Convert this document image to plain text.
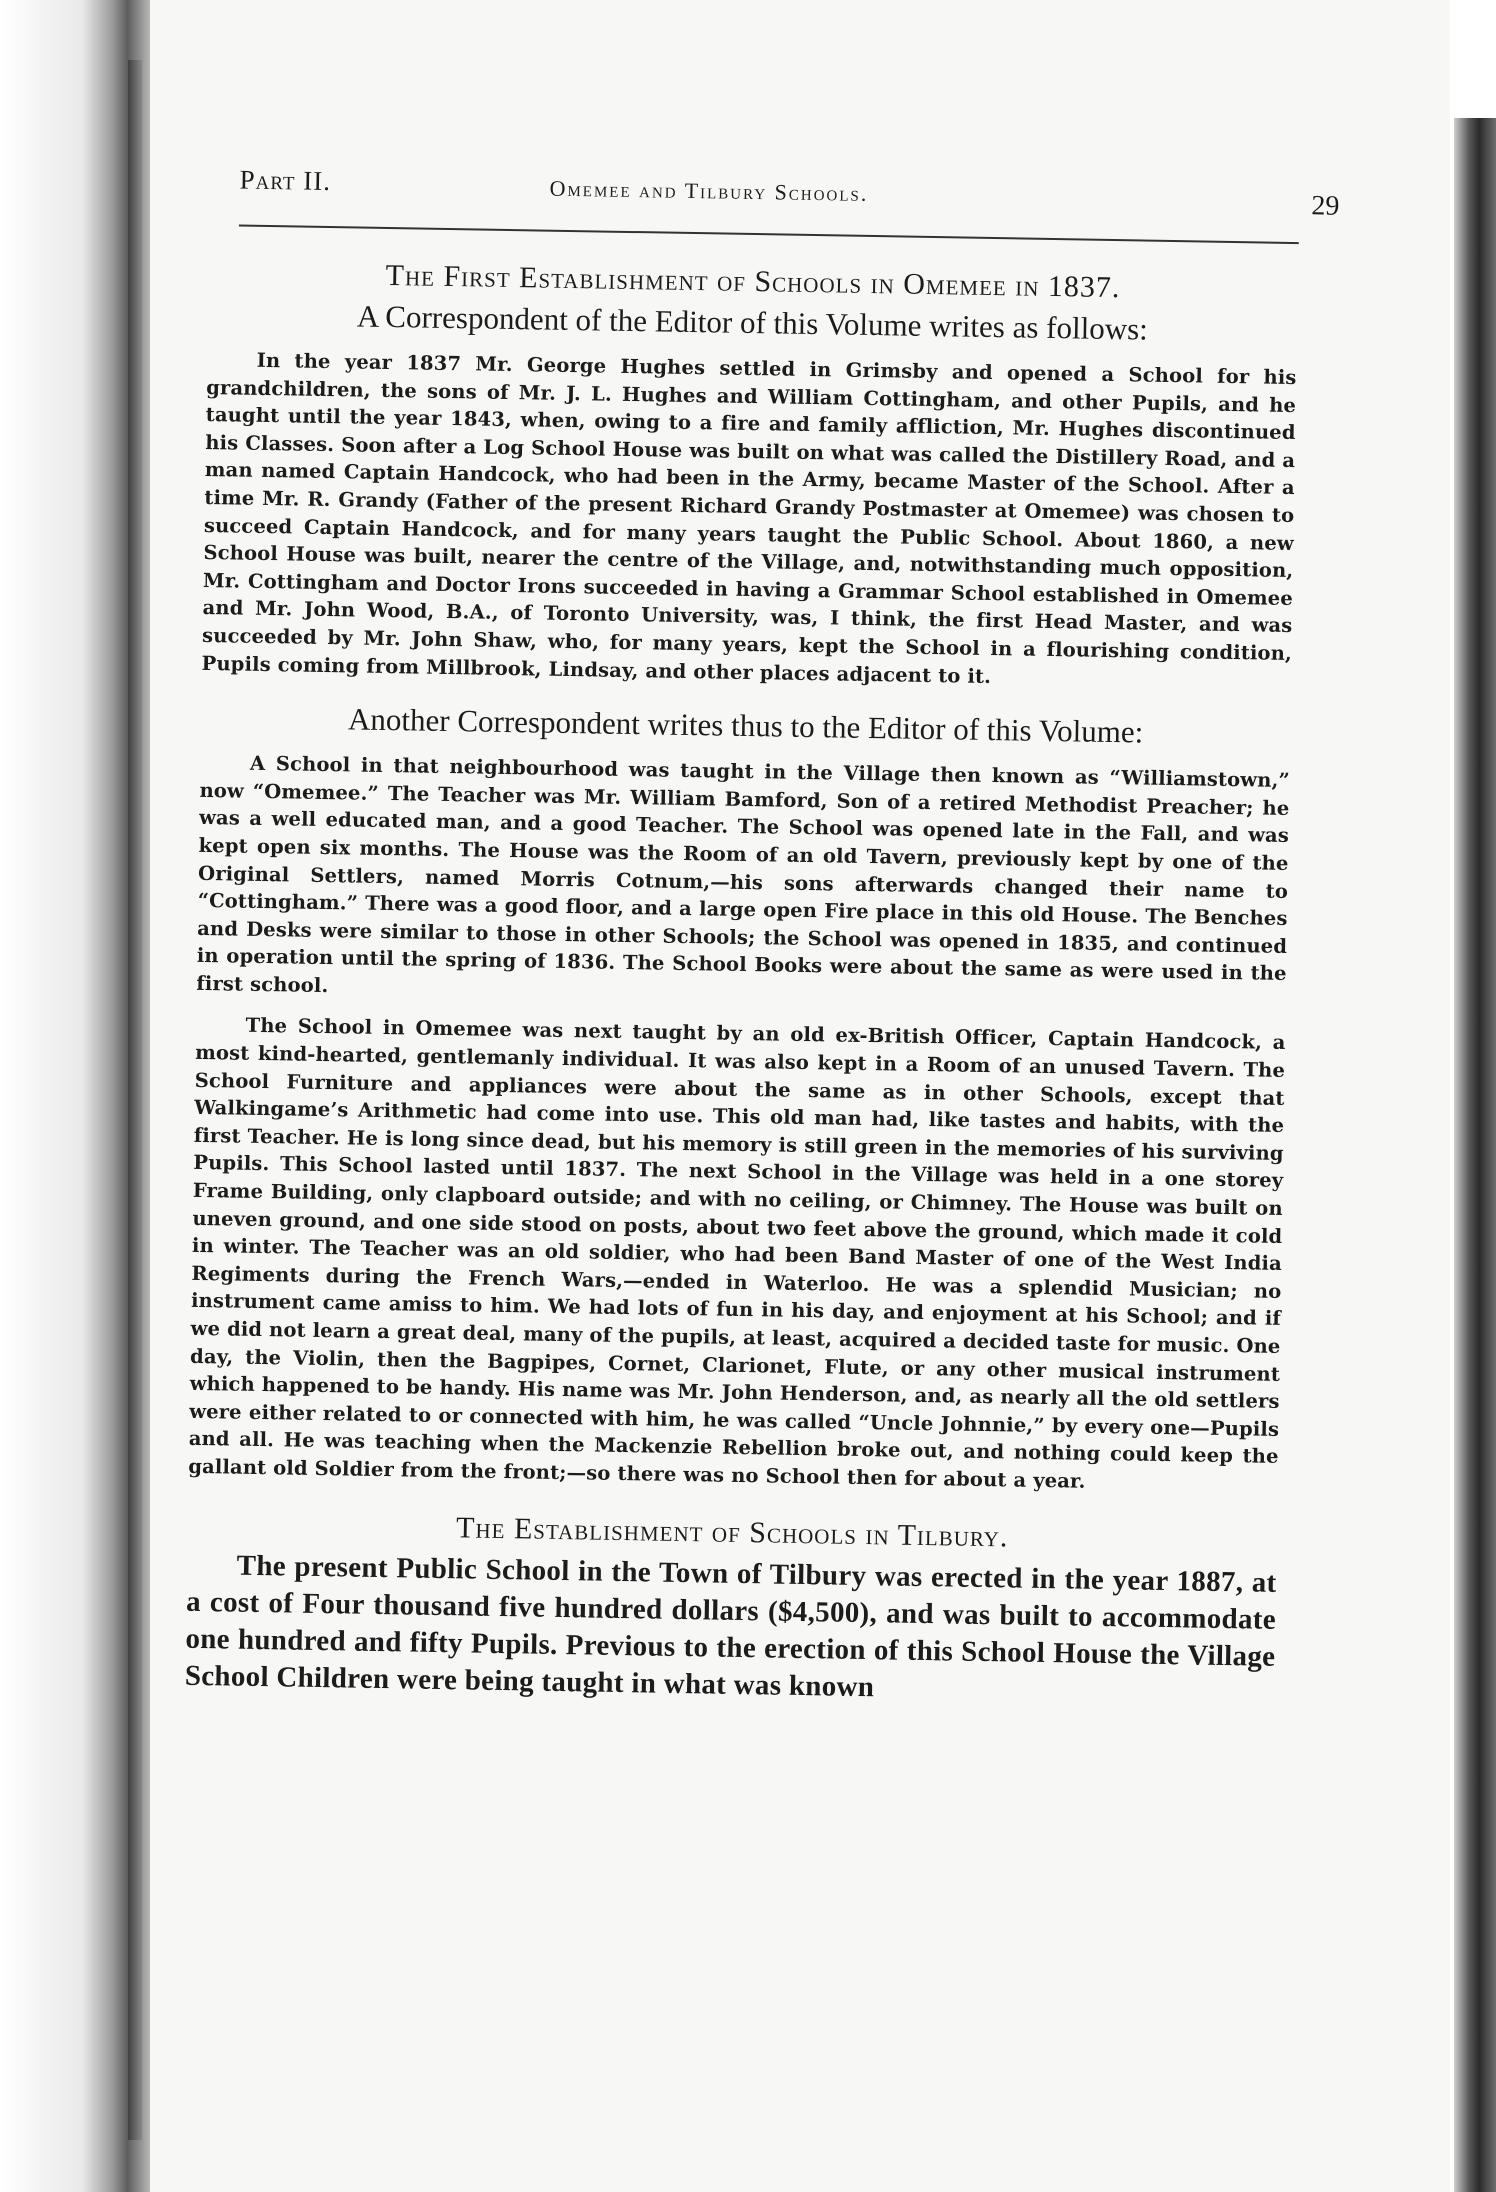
Part II.	Omemee and Tilbury Schools.	29
The First Establishment of Schools in Omemee in 1837.
A Correspondent of the Editor of this Volume writes as follows:

In the year 1837 Mr. George Hughes settled in Grimsby and opened a School for his grandchildren, the sons of Mr. J. L. Hughes and William Cottingham, and other Pupils, and he taught until the year 1843, when, owing to a fire and family affliction, Mr. Hughes discontinued his Classes. Soon after a Log School House was built on what was called the Distillery Road, and a man named Captain Handcock, who had been in the Army, became Master of the School. After a time Mr. R. Grandy (Father of the present Richard Grandy Postmaster at Omemee) was chosen to succeed Captain Handcock, and for many years taught the Public School. About 1860, a new School House was built, nearer the centre of the Village, and, notwithstanding much opposition, Mr. Cottingham and Doctor Irons succeeded in having a Grammar School established in Omemee and Mr. John Wood, B.A., of Toronto University, was, I think, the first Head Master, and was succeeded by Mr. John Shaw, who, for many years, kept the School in a flourishing condition, Pupils coming from Millbrook, Lindsay, and other places adjacent to it.

Another Correspondent writes thus to the Editor of this Volume:

A School in that neighbourhood was taught in the Village then known as “Williamstown,” now “Omemee.” The Teacher was Mr. William Bamford, Son of a retired Methodist Preacher; he was a well educated man, and a good Teacher. The School was opened late in the Fall, and was kept open six months. The House was the Room of an old Tavern, previously kept by one of the Original Settlers, named Morris Cotnum,—his sons afterwards changed their name to “Cottingham.” There was a good floor, and a large open Fire place in this old House. The Benches and Desks were similar to those in other Schools; the School was opened in 1835, and continued in operation until the spring of 1836. The School Books were about the same as were used in the first school.

The School in Omemee was next taught by an old ex-British Officer, Captain Handcock, a most kind-hearted, gentlemanly individual. It was also kept in a Room of an unused Tavern. The School Furniture and appliances were about the same as in other Schools, except that Walkingame’s Arithmetic had come into use. This old man had, like tastes and habits, with the first Teacher. He is long since dead, but his memory is still green in the memories of his surviving Pupils. This School lasted until 1837. The next School in the Village was held in a one storey Frame Building, only clapboard outside; and with no ceiling, or Chimney. The House was built on uneven ground, and one side stood on posts, about two feet above the ground, which made it cold in winter. The Teacher was an old soldier, who had been Band Master of one of the West India Regiments during the French Wars,—ended in Waterloo. He was a splendid Musician; no instrument came amiss to him. We had lots of fun in his day, and enjoyment at his School; and if we did not learn a great deal, many of the pupils, at least, acquired a decided taste for music. One day, the Violin, then the Bagpipes, Cornet, Clarionet, Flute, or any other musical instrument which happened to be handy. His name was Mr. John Henderson, and, as nearly all the old settlers were either related to or connected with him, he was called “Uncle Johnnie,” by every one—Pupils and all. He was teaching when the Mackenzie Rebellion broke out, and nothing could keep the gallant old Soldier from the front;—so there was no School then for about a year.

The Establishment of Schools in Tilbury.

The present Public School in the Town of Tilbury was erected in the year 1887, at a cost of Four thousand five hundred dollars ($4,500), and was built to accommodate one hundred and fifty Pupils. Previous to the erection of this School House the Village School Children were being taught in what was known
